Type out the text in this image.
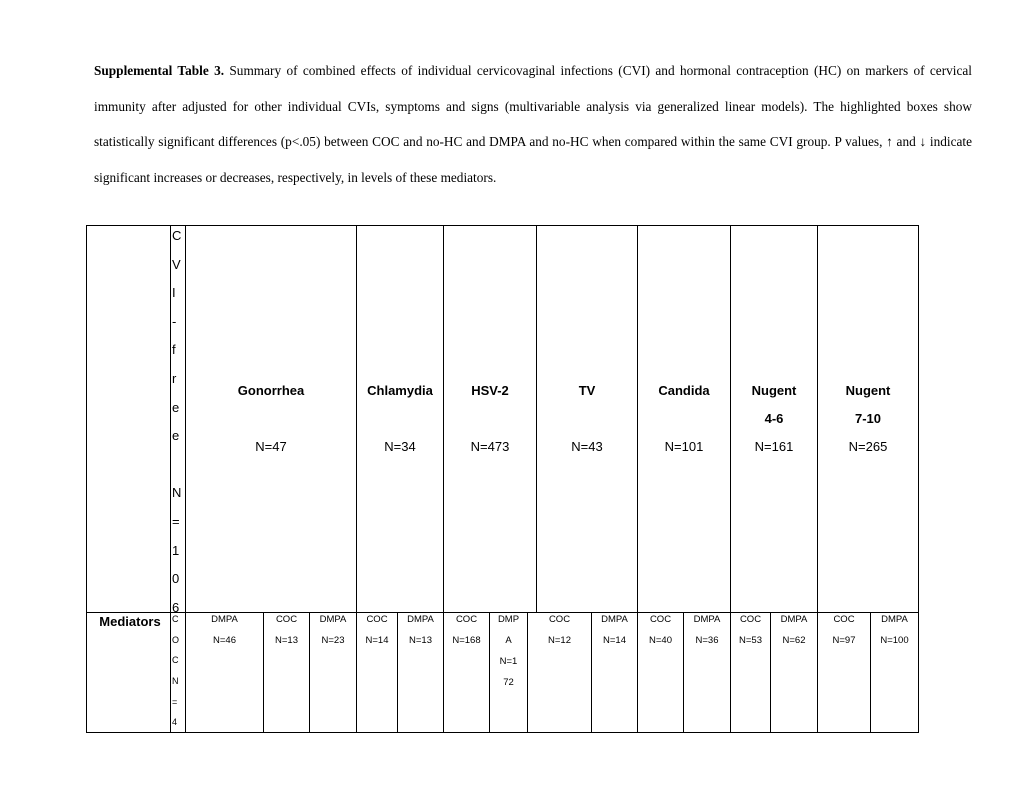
Supplemental Table 3. Summary of combined effects of individual cervicovaginal infections (CVI) and hormonal contraception (HC) on markers of cervical immunity after adjusted for other individual CVIs, symptoms and signs (multivariable analysis via generalized linear models). The highlighted boxes show statistically significant differences (p<.05) between COC and no-HC and DMPA and no-HC when compared within the same CVI group. P values, ↑ and ↓ indicate significant increases or decreases, respectively, in levels of these mediators.

C
V
I
-
f
r
e
e
N
=
1
0
6
C
O
C
N
=
4
Mediators
Gonorrhea
N=47
Chlamydia
N=34
HSV-2
N=473
TV
N=43
Candida
N=101
Nugent
4-6
N=161
Nugent
7-10
N=265
DMPA
N=46
COC
N=13
DMPA
N=23
COC
N=14
DMPA
N=13
COC
N=168
DMP
A
N=1
72
COC
N=12
DMPA
N=14
COC
N=40
DMPA
N=36
COC
N=53
DMPA
N=62
COC
N=97
DMPA
N=100
